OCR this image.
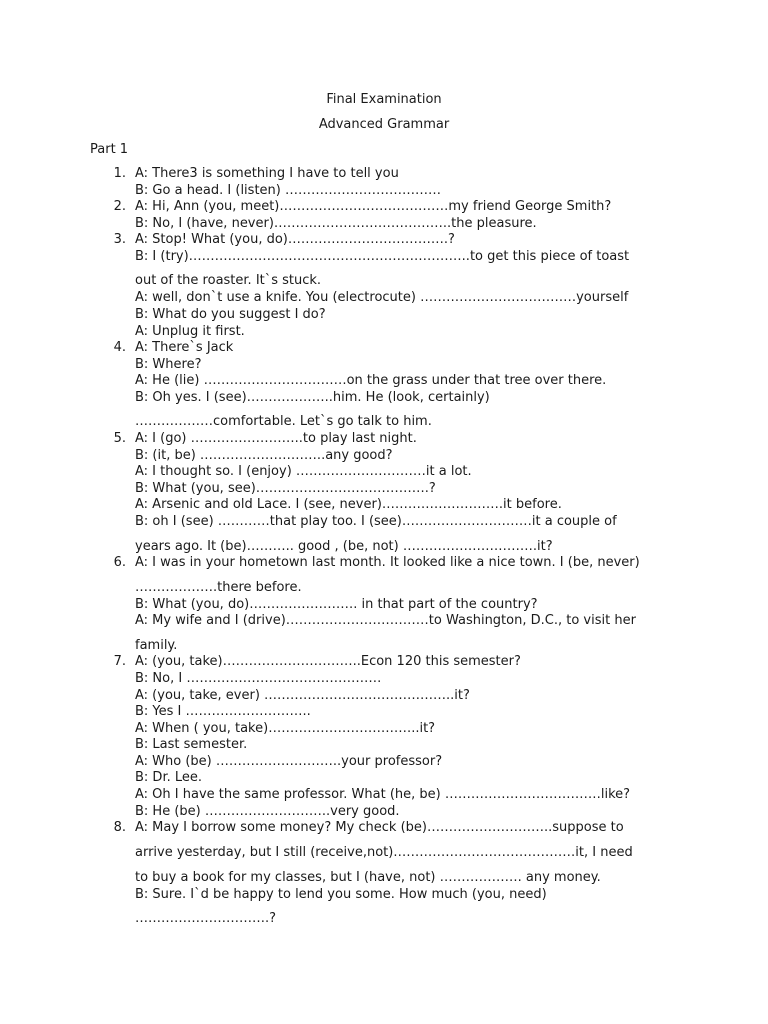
Final Examination
Advanced Grammar
Part 1
1. A: There3 is something I have to tell you
B: Go a head. I (listen) ………………………………
2. A: Hi, Ann (you, meet)…………………………………my friend George Smith?
B: No, I (have, never)…………………………………..the pleasure.
3. A: Stop! What (you, do)……………………………….?
B: I (try)………………………………………………………..to get this piece of toast
out of the roaster. It`s stuck.
A: well, don`t use a knife. You (electrocute) ………………………………yourself
B: What do you suggest I do?
A: Unplug it first.
4. A: There`s Jack
B: Where?
A: He (lie) ……………………………on the grass under that tree over there.
B: Oh yes. I (see)………………..him. He (look, certainly)
………………comfortable. Let`s go talk to him.
5. A: I (go) ……………………..to play last night.
B: (it, be) ………………………..any good?
A: I thought so. I (enjoy) …………………………it a lot.
B: What (you, see)………………………………….?
A: Arsenic and old Lace. I (see, never)……………………….it before.
B: oh I (see) …………that play too. I (see)…………………………it a couple of
years ago. It (be)……….. good , (be, not) ………………………….it?
6. A: I was in your hometown last month. It looked like a nice town. I (be, never)
……………….there before.
B: What (you, do)……………………. in that part of the country?
A: My wife and I (drive)……………………………to Washington, D.C., to visit her
family.
7. A: (you, take)…………………………..Econ 120 this semester?
B: No, I ………………………………………
A: (you, take, ever) ……………………………………..it?
B: Yes I ………………………..
A: When ( you, take)……………………………..it?
B: Last semester.
A: Who (be) ………………………..your professor?
B: Dr. Lee.
A: Oh I have the same professor. What (he, be) ………………………………like?
B: He (be) ………………………..very good.
8. A: May I borrow some money? My check (be)………………………..suppose to
arrive yesterday, but I still (receive,not)……………………………………it, I need
to buy a book for my classes, but I (have, not) ………………. any money.
B: Sure. I`d be happy to lend you some. How much (you, need)
………………………….?
